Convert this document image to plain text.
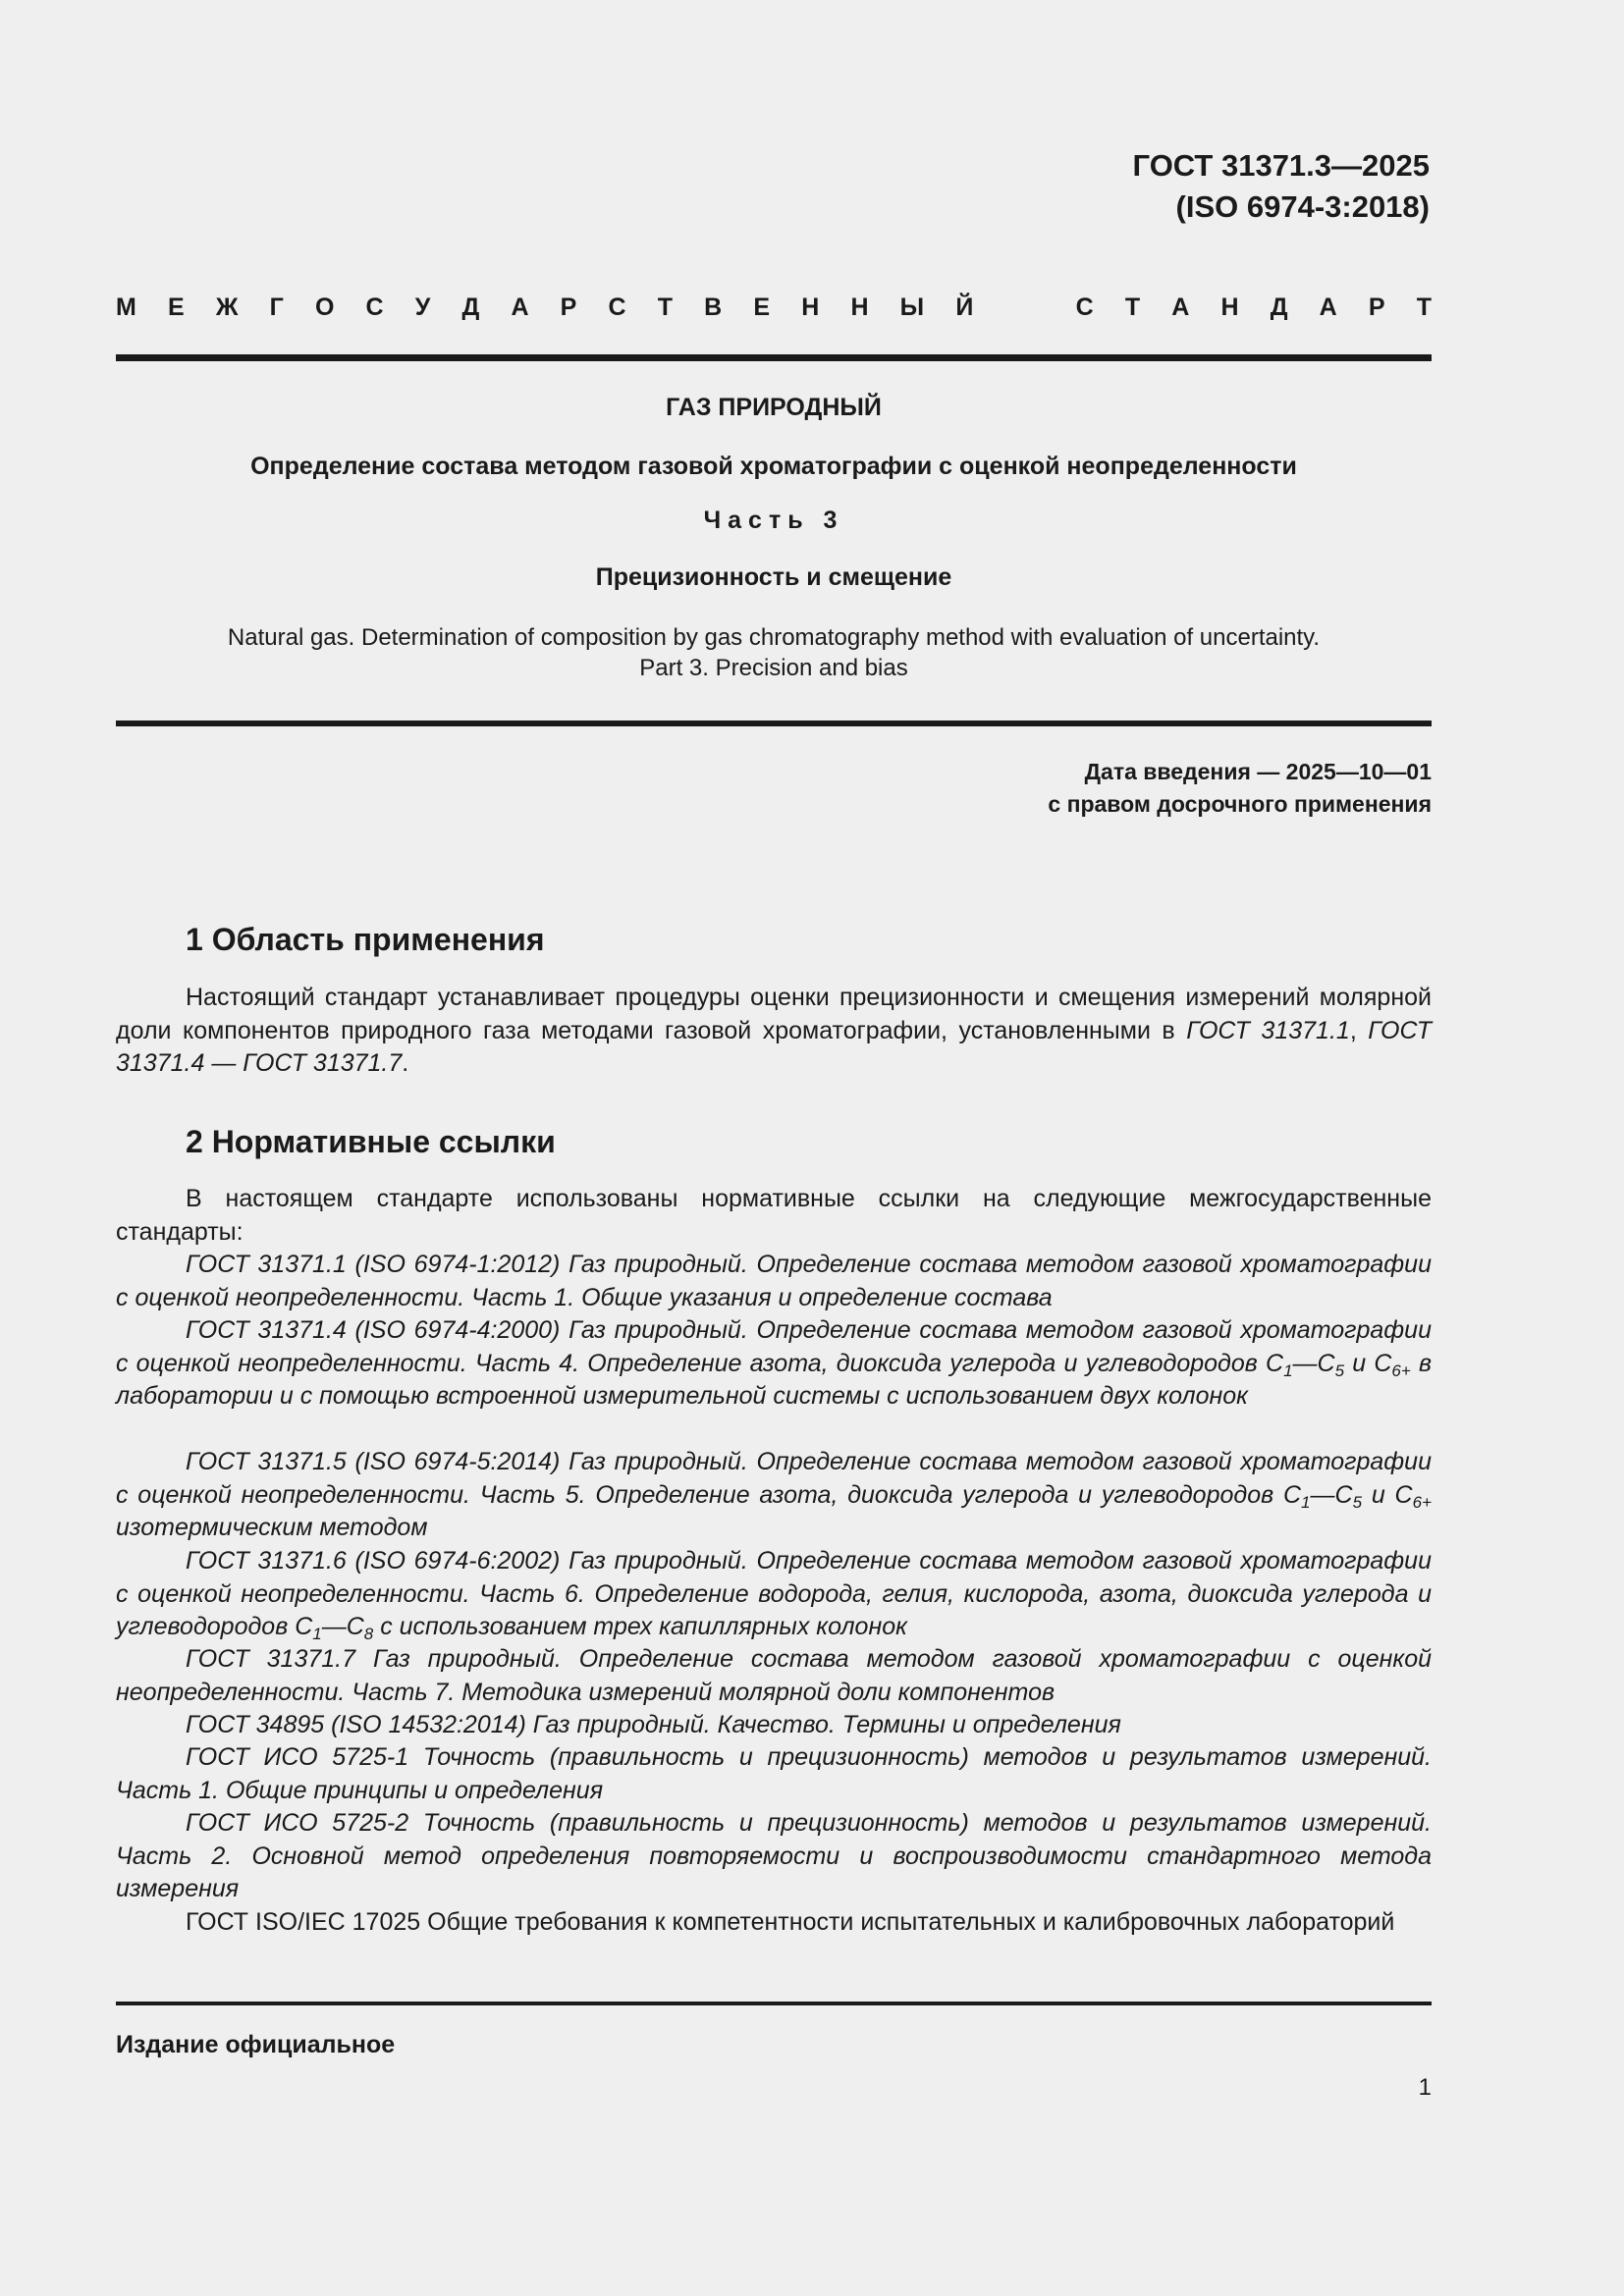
ГОСТ 31371.3—2025
(ISO 6974-3:2018)
М Е Ж Г О С У Д А Р С Т В Е Н Н Ы Й	С Т А Н Д А Р Т
ГАЗ ПРИРОДНЫЙ
Определение состава методом газовой хроматографии с оценкой неопределенности
Часть 3
Прецизионность и смещение
Natural gas. Determination of composition by gas chromatography method with evaluation of uncertainty.
Part 3. Precision and bias
Дата введения — 2025—10—01
с правом досрочного применения
1 Область применения
Настоящий стандарт устанавливает процедуры оценки прецизионности и смещения измерений молярной доли компонентов природного газа методами газовой хроматографии, установленными в ГОСТ 31371.1, ГОСТ 31371.4 — ГОСТ 31371.7.
2 Нормативные ссылки
В настоящем стандарте использованы нормативные ссылки на следующие межгосударственные стандарты:
ГОСТ 31371.1 (ISO 6974-1:2012) Газ природный. Определение состава методом газовой хроматографии с оценкой неопределенности. Часть 1. Общие указания и определение состава
ГОСТ 31371.4 (ISO 6974-4:2000) Газ природный. Определение состава методом газовой хроматографии с оценкой неопределенности. Часть 4. Определение азота, диоксида углерода и углеводородов $С_1—С_5$ и $С_{6+}$ в лаборатории и с помощью встроенной измерительной системы с использованием двух колонок
ГОСТ 31371.5 (ISO 6974-5:2014) Газ природный. Определение состава методом газовой хроматографии с оценкой неопределенности. Часть 5. Определение азота, диоксида углерода и углеводородов $С_1—С_5$ и $С_{6+}$ изотермическим методом
ГОСТ 31371.6 (ISO 6974-6:2002) Газ природный. Определение состава методом газовой хроматографии с оценкой неопределенности. Часть 6. Определение водорода, гелия, кислорода, азота, диоксида углерода и углеводородов $С_1—С_8$ с использованием трех капиллярных колонок
ГОСТ 31371.7 Газ природный. Определение состава методом газовой хроматографии с оценкой неопределенности. Часть 7. Методика измерений молярной доли компонентов
ГОСТ 34895 (ISO 14532:2014) Газ природный. Качество. Термины и определения
ГОСТ ИСО 5725-1 Точность (правильность и прецизионность) методов и результатов измерений. Часть 1. Общие принципы и определения
ГОСТ ИСО 5725-2 Точность (правильность и прецизионность) методов и результатов измерений. Часть 2. Основной метод определения повторяемости и воспроизводимости стандартного метода измерения
ГОСТ ISO/IEC 17025 Общие требования к компетентности испытательных и калибровочных лабораторий
Издание официальное
1
